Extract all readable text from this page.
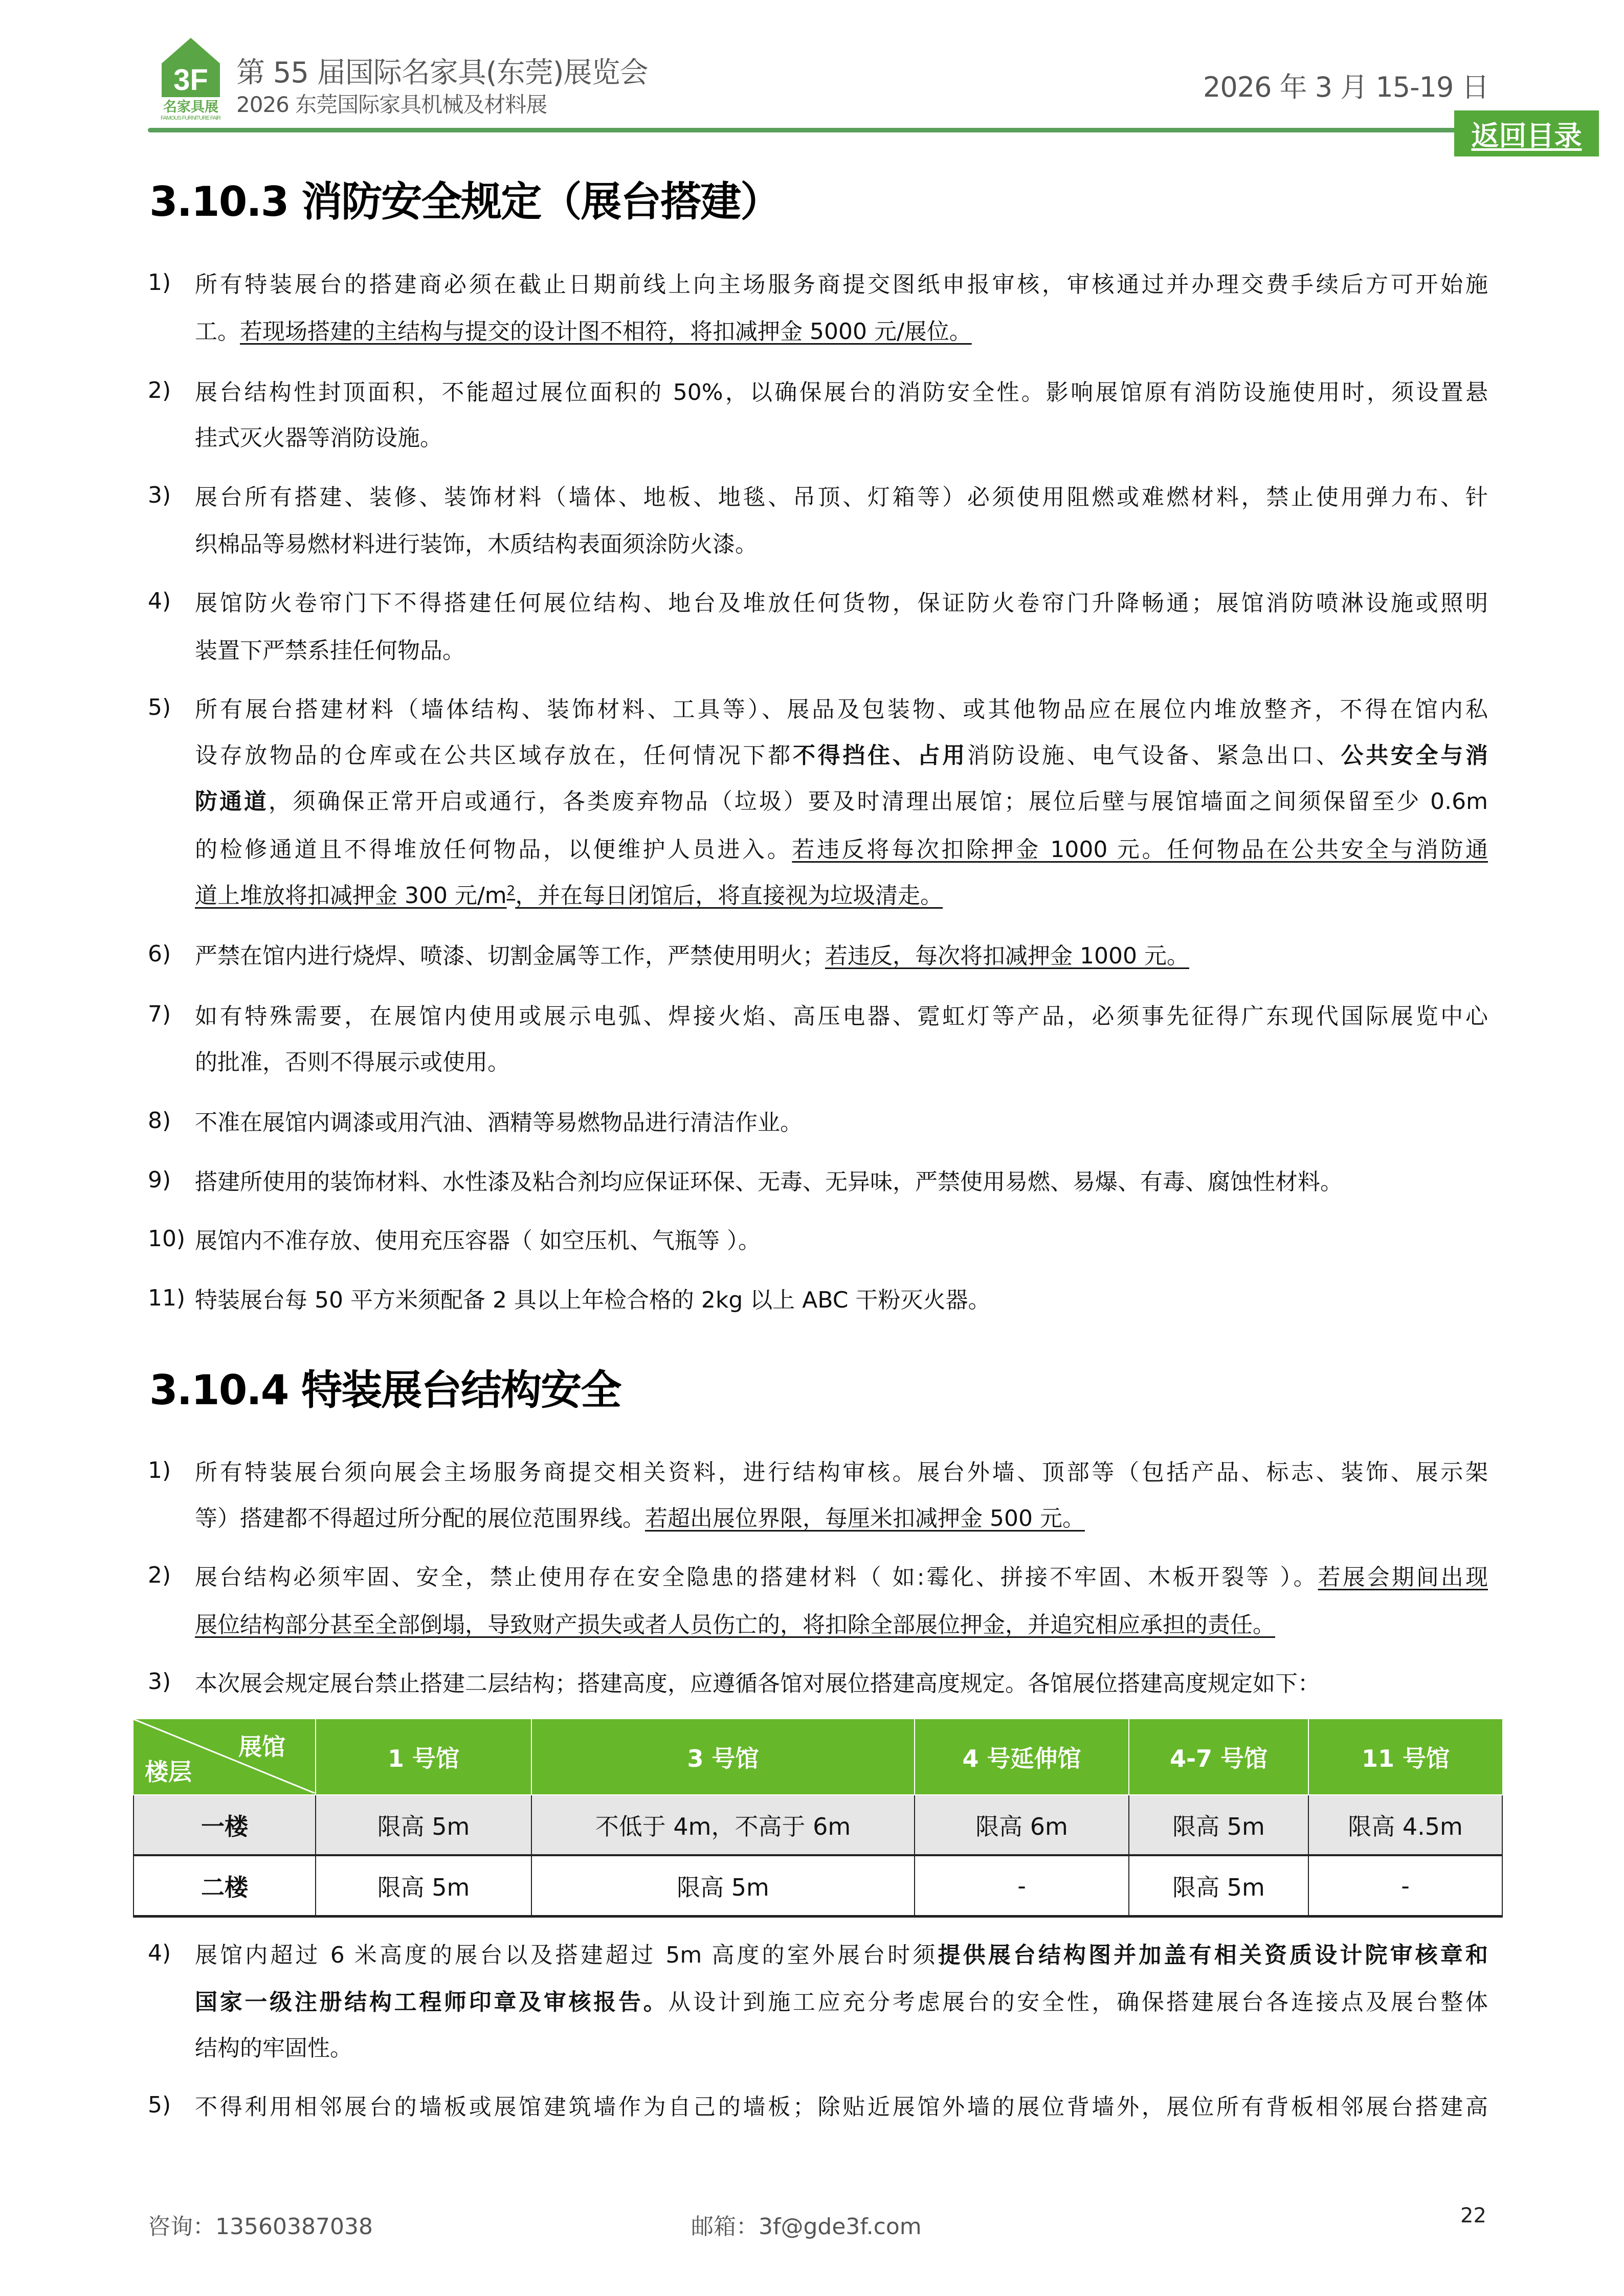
3F
名家具展
FAMOUS FURNITURE FAIR
第 55 届国际名家具(东莞)展览会
2026 东莞国际家具机械及材料展
2026 年 3 月 15-19 日
返回目录
3.10.3 消防安全规定（展台搭建）
1) 所有特装展台的搭建商必须在截止日期前线上向主场服务商提交图纸申报审核，审核通过并办理交费手续后方可开始施
工。若现场搭建的主结构与提交的设计图不相符，将扣减押金 5000 元/展位。
2) 展台结构性封顶面积，不能超过展位面积的 50%，以确保展台的消防安全性。影响展馆原有消防设施使用时，须设置悬
挂式灭火器等消防设施。
3) 展台所有搭建、装修、装饰材料（墙体、地板、地毯、吊顶、灯箱等）必须使用阻燃或难燃材料，禁止使用弹力布、针
织棉品等易燃材料进行装饰，木质结构表面须涂防火漆。
4) 展馆防火卷帘门下不得搭建任何展位结构、地台及堆放任何货物，保证防火卷帘门升降畅通；展馆消防喷淋设施或照明
装置下严禁系挂任何物品。
5) 所有展台搭建材料（墙体结构、装饰材料、工具等）、展品及包装物、或其他物品应在展位内堆放整齐，不得在馆内私
设存放物品的仓库或在公共区域存放在，任何情况下都不得挡住、占用消防设施、电气设备、紧急出口、公共安全与消
防通道，须确保正常开启或通行，各类废弃物品（垃圾）要及时清理出展馆；展位后壁与展馆墙面之间须保留至少 0.6m
的检修通道且不得堆放任何物品，以便维护人员进入。若违反将每次扣除押金 1000 元。任何物品在公共安全与消防通
道上堆放将扣减押金 300 元$/m^2$，并在每日闭馆后，将直接视为垃圾清走。
6) 严禁在馆内进行烧焊、喷漆、切割金属等工作，严禁使用明火；若违反，每次将扣减押金 1000 元。
7) 如有特殊需要，在展馆内使用或展示电弧、焊接火焰、高压电器、霓虹灯等产品，必须事先征得广东现代国际展览中心
的批准，否则不得展示或使用。
8) 不准在展馆内调漆或用汽油、酒精等易燃物品进行清洁作业。
9) 搭建所使用的装饰材料、水性漆及粘合剂均应保证环保、无毒、无异味，严禁使用易燃、易爆、有毒、腐蚀性材料。
10) 展馆内不准存放、使用充压容器（ 如空压机、气瓶等 ）。
11) 特装展台每 50 平方米须配备 2 具以上年检合格的 2kg 以上 ABC 干粉灭火器。
3.10.4 特装展台结构安全
1) 所有特装展台须向展会主场服务商提交相关资料，进行结构审核。展台外墙、顶部等（包括产品、标志、装饰、展示架
等）搭建都不得超过所分配的展位范围界线。若超出展位界限，每厘米扣减押金 500 元。
2) 展台结构必须牢固、安全，禁止使用存在安全隐患的搭建材料（ 如:霉化、拼接不牢固、木板开裂等 ）。若展会期间出现
展位结构部分甚至全部倒塌，导致财产损失或者人员伤亡的，将扣除全部展位押金，并追究相应承担的责任。
3) 本次展会规定展台禁止搭建二层结构；搭建高度，应遵循各馆对展位搭建高度规定。各馆展位搭建高度规定如下：
展馆
楼层	1 号馆	3 号馆	4 号延伸馆	4-7 号馆	11 号馆
一楼	限高 5m	不低于 4m，不高于 6m	限高 6m	限高 5m	限高 4.5m
二楼	限高 5m	限高 5m	-	限高 5m	-
4) 展馆内超过 6 米高度的展台以及搭建超过 5m 高度的室外展台时须提供展台结构图并加盖有相关资质设计院审核章和
国家一级注册结构工程师印章及审核报告。从设计到施工应充分考虑展台的安全性，确保搭建展台各连接点及展台整体
结构的牢固性。
5) 不得利用相邻展台的墙板或展馆建筑墙作为自己的墙板；除贴近展馆外墙的展位背墙外，展位所有背板相邻展台搭建高
咨询：13560387038	邮箱：3f@gde3f.com	22
